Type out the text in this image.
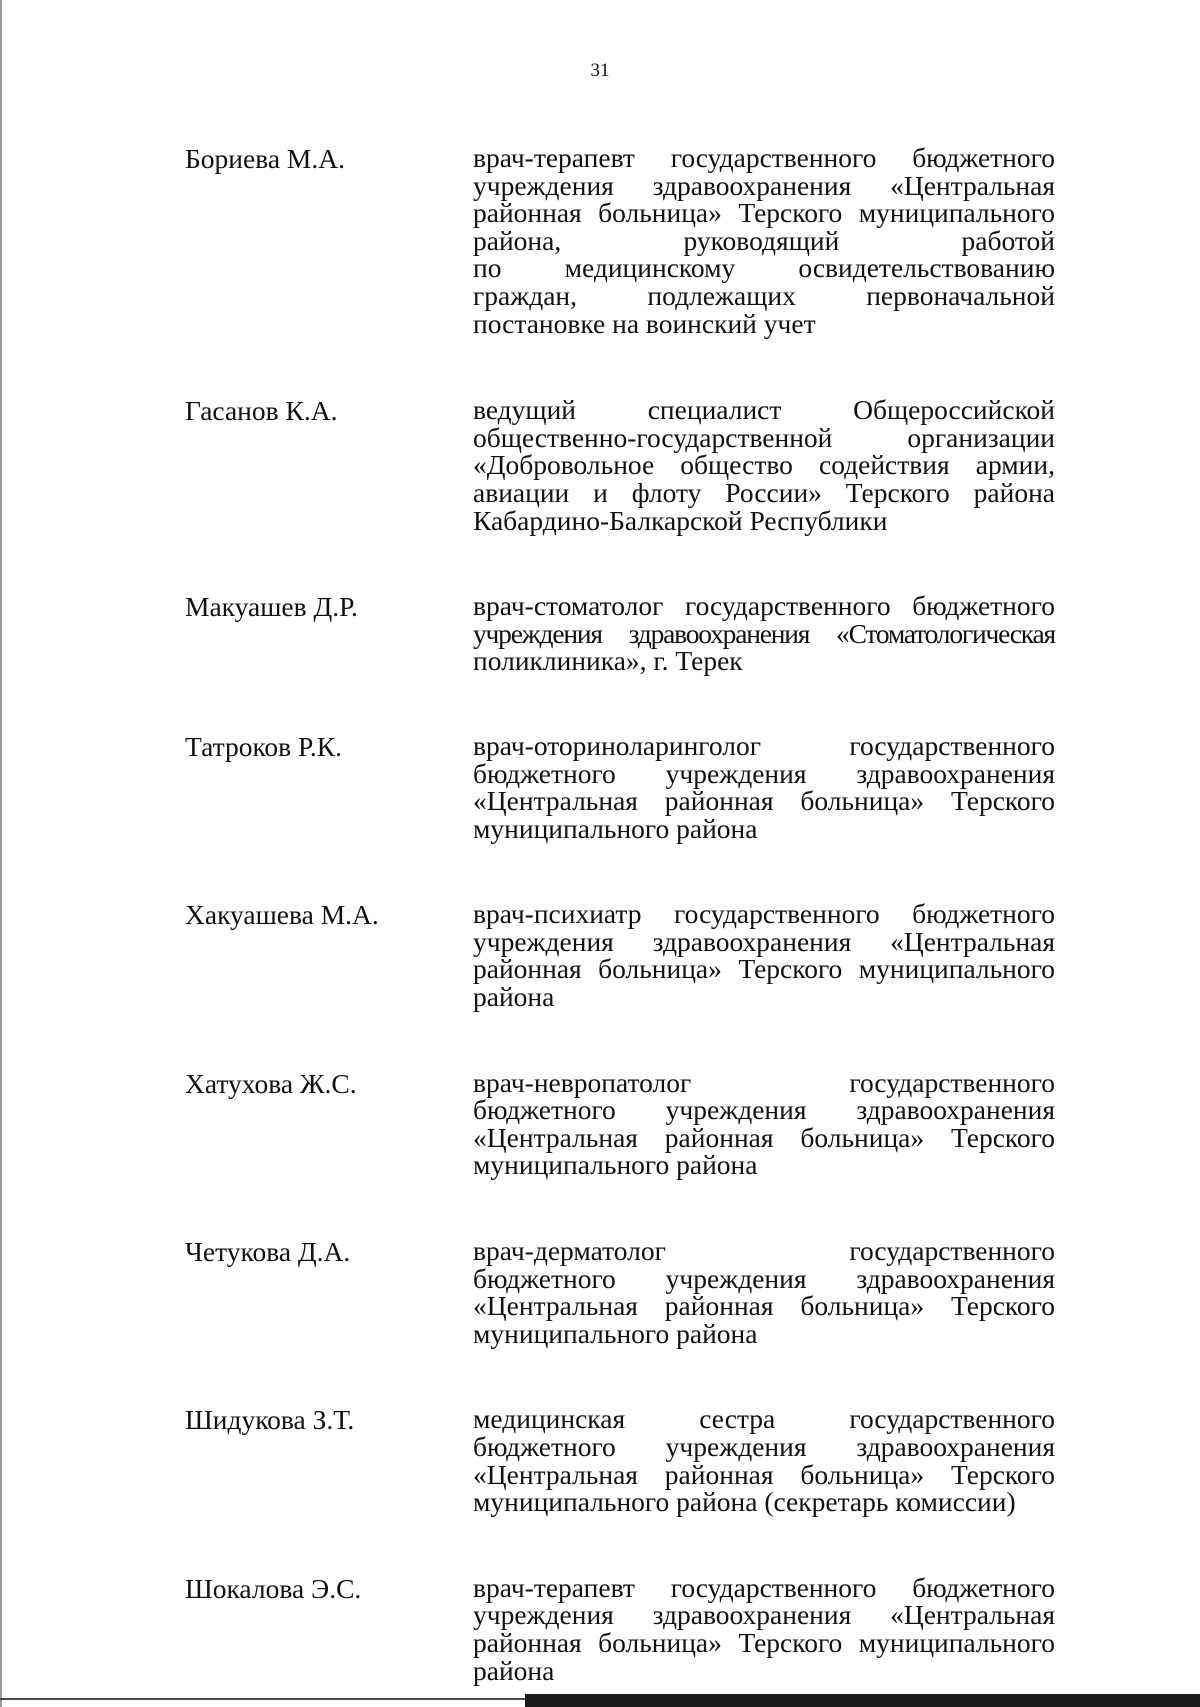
31
Бориева М.А.	врач-терапевт государственного бюджетного
учреждения здравоохранения «Центральная
районная больница» Терского муниципального
района, руководящий работой
по медицинскому освидетельствованию
граждан, подлежащих первоначальной
постановке на воинский учет
Гасанов К.А.	ведущий специалист Общероссийской
общественно-государственной организации
«Добровольное общество содействия армии,
авиации и флоту России» Терского района
Кабардино-Балкарской Республики
Макуашев Д.Р.	врач-стоматолог государственного бюджетного
учреждения здравоохранения «Стоматологическая
поликлиника», г. Терек
Татроков Р.К.	врач-оториноларинголог государственного
бюджетного учреждения здравоохранения
«Центральная районная больница» Терского
муниципального района
Хакуашева М.А.	врач-психиатр государственного бюджетного
учреждения здравоохранения «Центральная
районная больница» Терского муниципального
района
Хатухова Ж.С.	врач-невропатолог государственного
бюджетного учреждения здравоохранения
«Центральная районная больница» Терского
муниципального района
Четукова Д.А.	врач-дерматолог государственного
бюджетного учреждения здравоохранения
«Центральная районная больница» Терского
муниципального района
Шидукова З.Т.	медицинская сестра государственного
бюджетного учреждения здравоохранения
«Центральная районная больница» Терского
муниципального района (секретарь комиссии)
Шокалова Э.С.	врач-терапевт государственного бюджетного
учреждения здравоохранения «Центральная
районная больница» Терского муниципального
района
